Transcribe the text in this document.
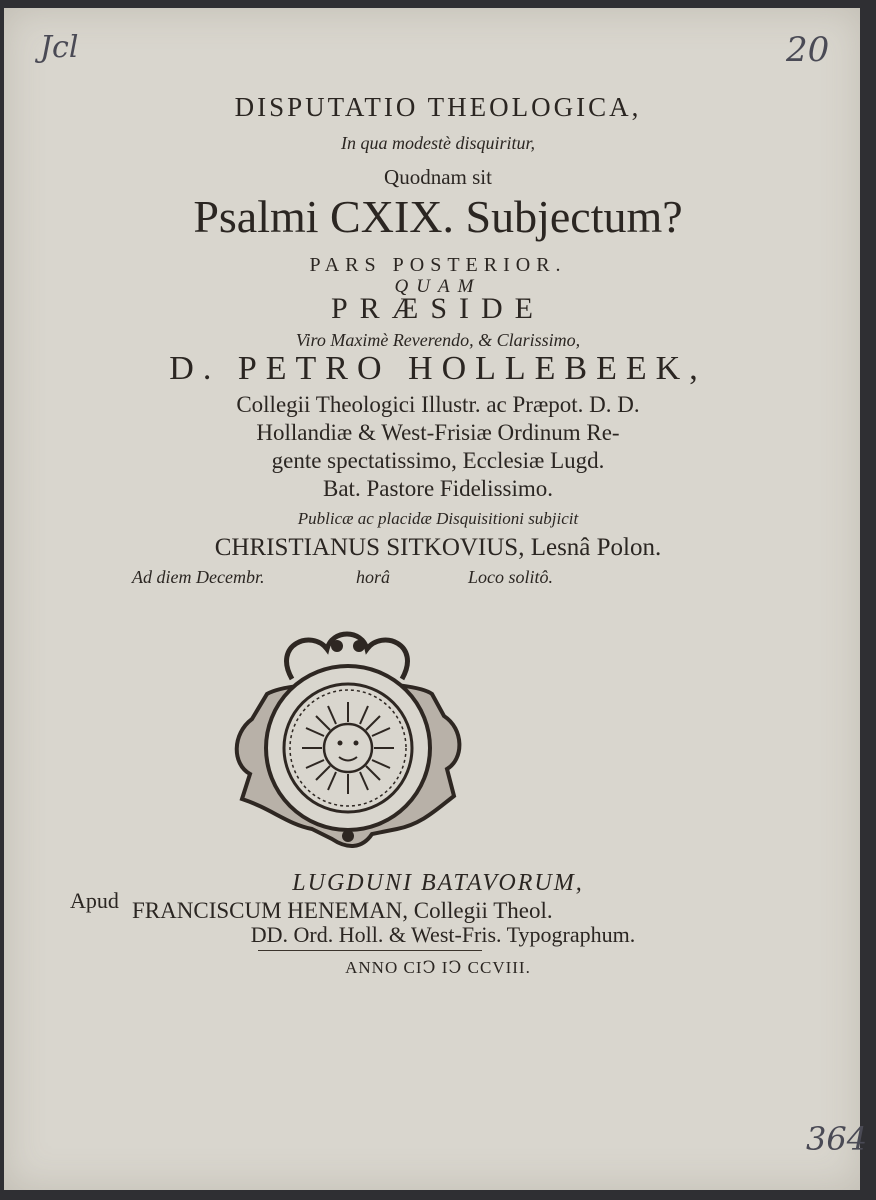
Jcl	20
364
DISPUTATIO THEOLOGICA,
In qua modestè disquiritur,
Quodnam sit
Psalmi CXIX. Subjectum?
PARS POSTERIOR.
QUAM
PRÆSIDE
Viro Maximè Reverendo, & Clarissimo,
D. PETRO HOLLEBEEK,
Collegii Theologici Illustr. ac Præpot. D. D.
Hollandiæ & West-Frisiæ Ordinum Re-
gente spectatissimo, Ecclesiæ Lugd.
Bat. Pastore Fidelissimo.
Publicæ ac placidæ Disquisitioni subjicit
CHRISTIANUS SITKOVIUS, Lesnâ Polon.
Ad diem Decembr.	horâ	Loco solitô.
LUGDUNI BATAVORUM,
Apud FRANCISCUM HENEMAN, Collegii Theol.
DD. Ord. Holl. & West-Fris. Typographum.
ANNO CIↃ IↃ CCVIII.
